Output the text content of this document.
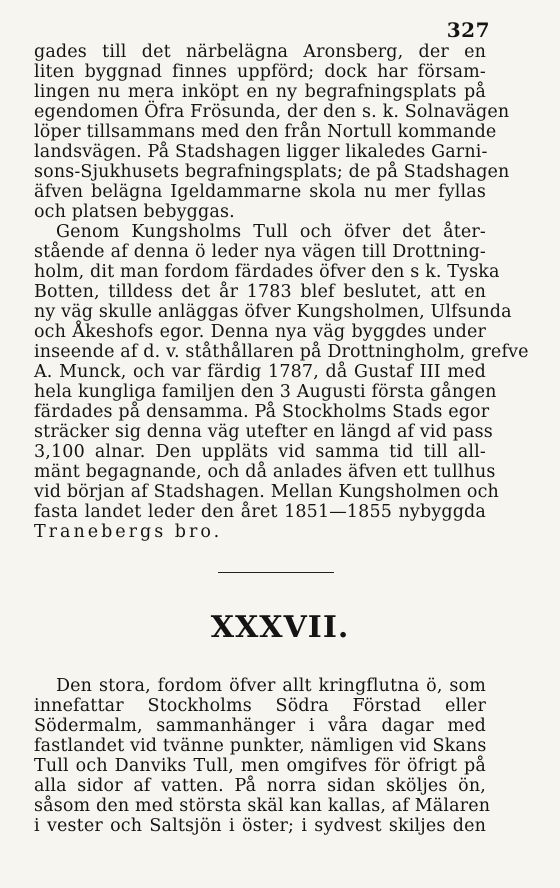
327
gades till det närbelägna Aronsberg, der en
liten byggnad finnes uppförd; dock har försam-
lingen nu mera inköpt en ny begrafningsplats på
egendomen Öfra Frösunda, der den s. k. Solnavägen
löper tillsammans med den från Nortull kommande
landsvägen. På Stadshagen ligger likaledes Garni-
sons-Sjukhusets begrafningsplats; de på Stadshagen
äfven belägna Igeldammarne skola nu mer fyllas
och platsen bebyggas.
Genom Kungsholms Tull och öfver det åter-
stående af denna ö leder nya vägen till Drottning-
holm, dit man fordom färdades öfver den s k. Tyska
Botten, tilldess det år 1783 blef beslutet, att en
ny väg skulle anläggas öfver Kungsholmen, Ulfsunda
och Åkeshofs egor. Denna nya väg byggdes under
inseende af d. v. ståthållaren på Drottningholm, grefve
A. Munck, och var färdig 1787, då Gustaf III med
hela kungliga familjen den 3 Augusti första gången
färdades på densamma. På Stockholms Stads egor
sträcker sig denna väg utefter en längd af vid pass
3,100 alnar. Den uppläts vid samma tid till all-
mänt begagnande, och då anlades äfven ett tullhus
vid början af Stadshagen. Mellan Kungsholmen och
fasta landet leder den året 1851—1855 nybyggda
Tranebergs bro.
XXXVII.
Den stora, fordom öfver allt kringflutna ö, som
innefattar Stockholms Södra Förstad eller
Södermalm, sammanhänger i våra dagar med
fastlandet vid tvänne punkter, nämligen vid Skans
Tull och Danviks Tull, men omgifves för öfrigt på
alla sidor af vatten. På norra sidan sköljes ön,
såsom den med största skäl kan kallas, af Mälaren
i vester och Saltsjön i öster; i sydvest skiljes den
